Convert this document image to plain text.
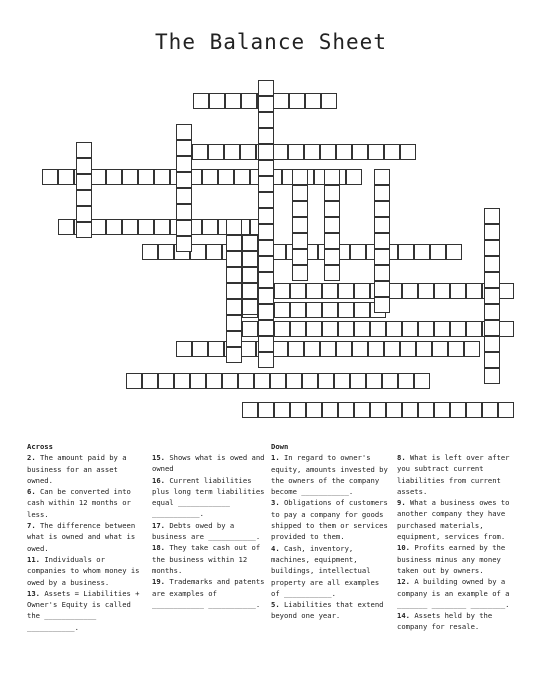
The Balance Sheet
Across
2. The amount paid by a business for an asset owned.
6. Can be converted into cash within 12 months or less.
7. The difference between what is owned and what is owed.
11. Individuals or companies to whom money is owed by a business.
13. Assets = Liabilities + Owner's Equity is called the ____________ ___________.
15. Shows what is owed and owned
16. Current liabilities plus long term liabilities equal ____________ ___________.
17. Debts owed by a business are ___________.
18. They take cash out of the business within 12 months.
19. Trademarks and patents are examples of ____________ ___________.
Down
1. In regard to owner's equity, amounts invested by the owners of the company become ___________.
3. Obligations of customers to pay a company for goods shipped to them or services provided to them.
4. Cash, inventory, machines, equipment, buildings, intellectual property are all examples of ___________.
5. Liabilities that extend beyond one year.
8. What is left over after you subtract current liabilities from current assets.
9. What a business owes to another company they have purchased materials, equipment, services from.
10. Profits earned by the business minus any money taken out by owners.
12. A building owned by a company is an example of a _______ ________ ________.
14. Assets held by the company for resale.
